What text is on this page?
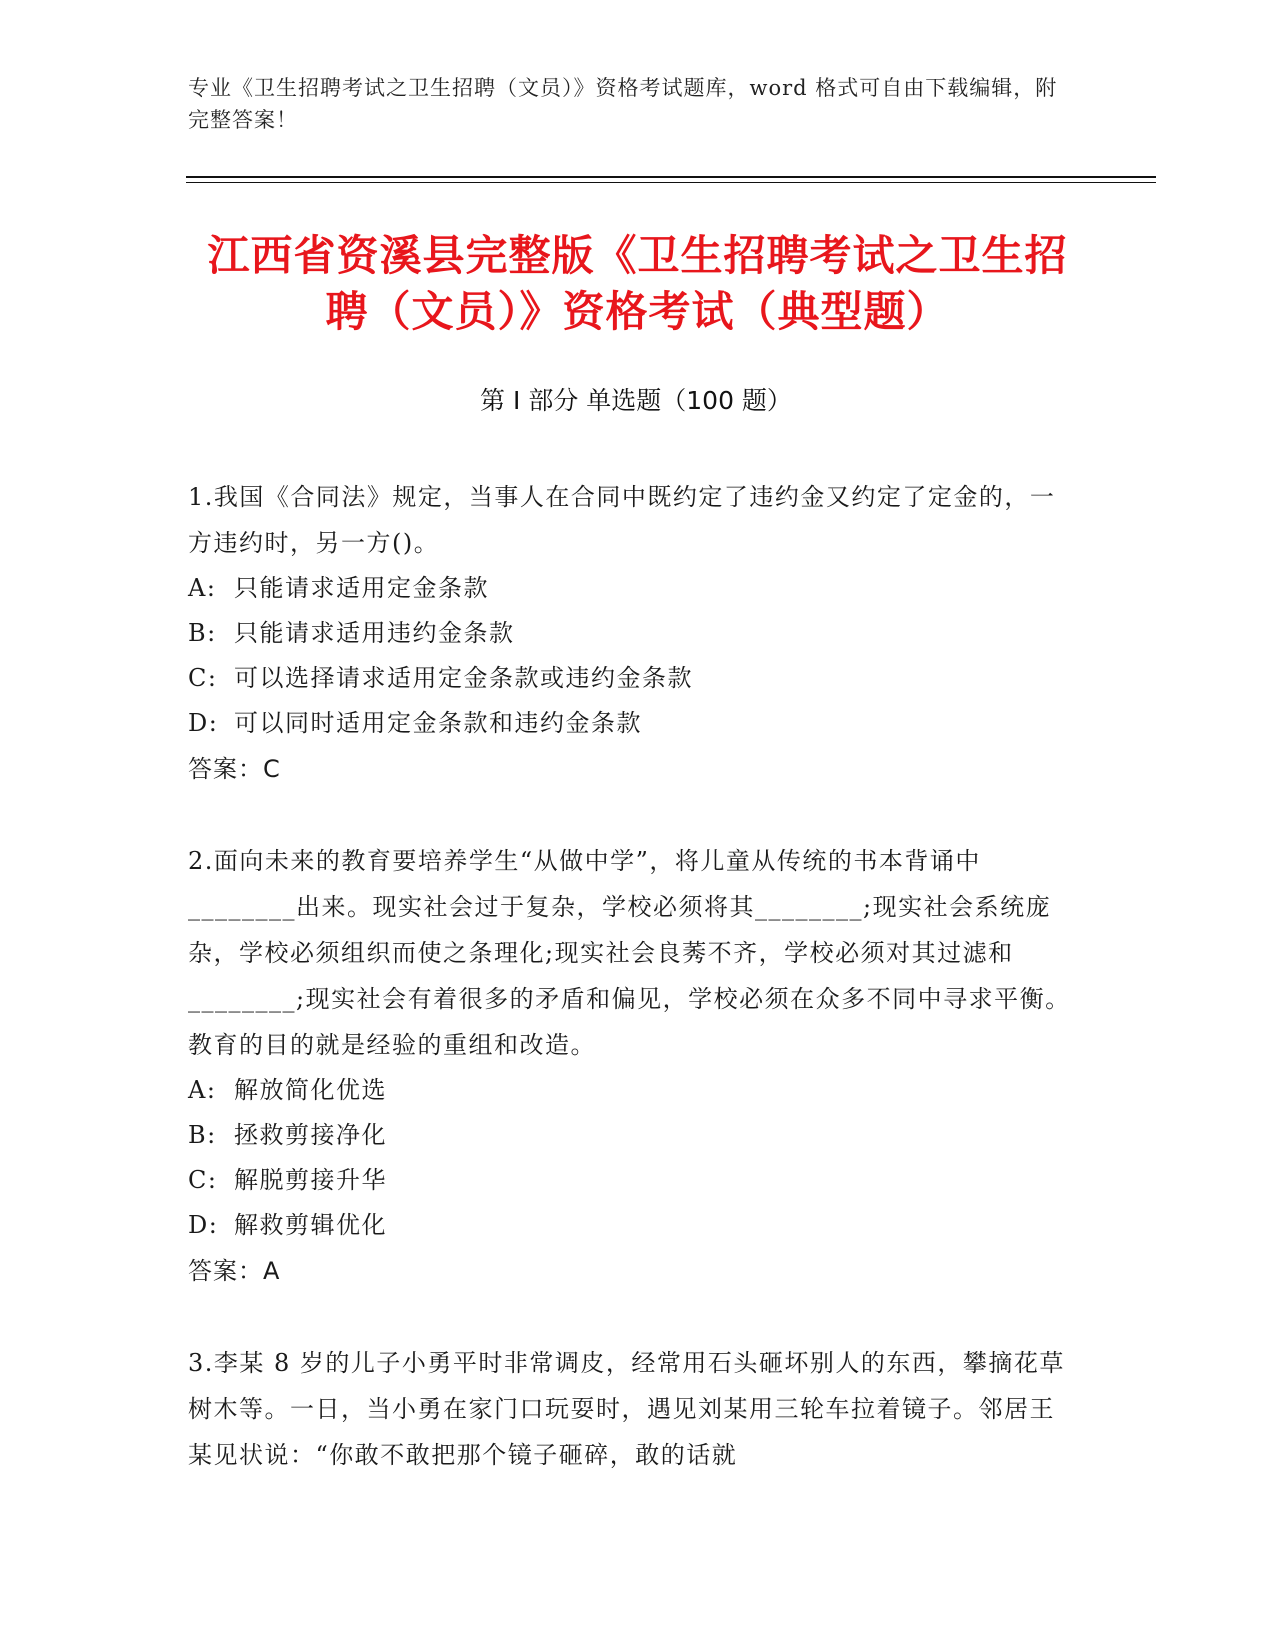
专业《卫生招聘考试之卫生招聘（文员）》资格考试题库，word 格式可自由下载编辑，附完整答案！
江西省资溪县完整版《卫生招聘考试之卫生招聘（文员）》资格考试（典型题）
第 I 部分 单选题（100 题）
1.我国《合同法》规定，当事人在合同中既约定了违约金又约定了定金的，一方违约时，另一方()。
A: 只能请求适用定金条款
B: 只能请求适用违约金条款
C: 可以选择请求适用定金条款或违约金条款
D: 可以同时适用定金条款和违约金条款
答案：C
2.面向未来的教育要培养学生“从做中学”，将儿童从传统的书本背诵中________出来。现实社会过于复杂，学校必须将其________;现实社会系统庞杂，学校必须组织而使之条理化;现实社会良莠不齐，学校必须对其过滤和________;现实社会有着很多的矛盾和偏见，学校必须在众多不同中寻求平衡。教育的目的就是经验的重组和改造。
A: 解放简化优选
B: 拯救剪接净化
C: 解脱剪接升华
D: 解救剪辑优化
答案：A
3.李某 8 岁的儿子小勇平时非常调皮，经常用石头砸坏别人的东西，攀摘花草树木等。一日，当小勇在家门口玩耍时，遇见刘某用三轮车拉着镜子。邻居王某见状说：“你敢不敢把那个镜子砸碎，敢的话就
